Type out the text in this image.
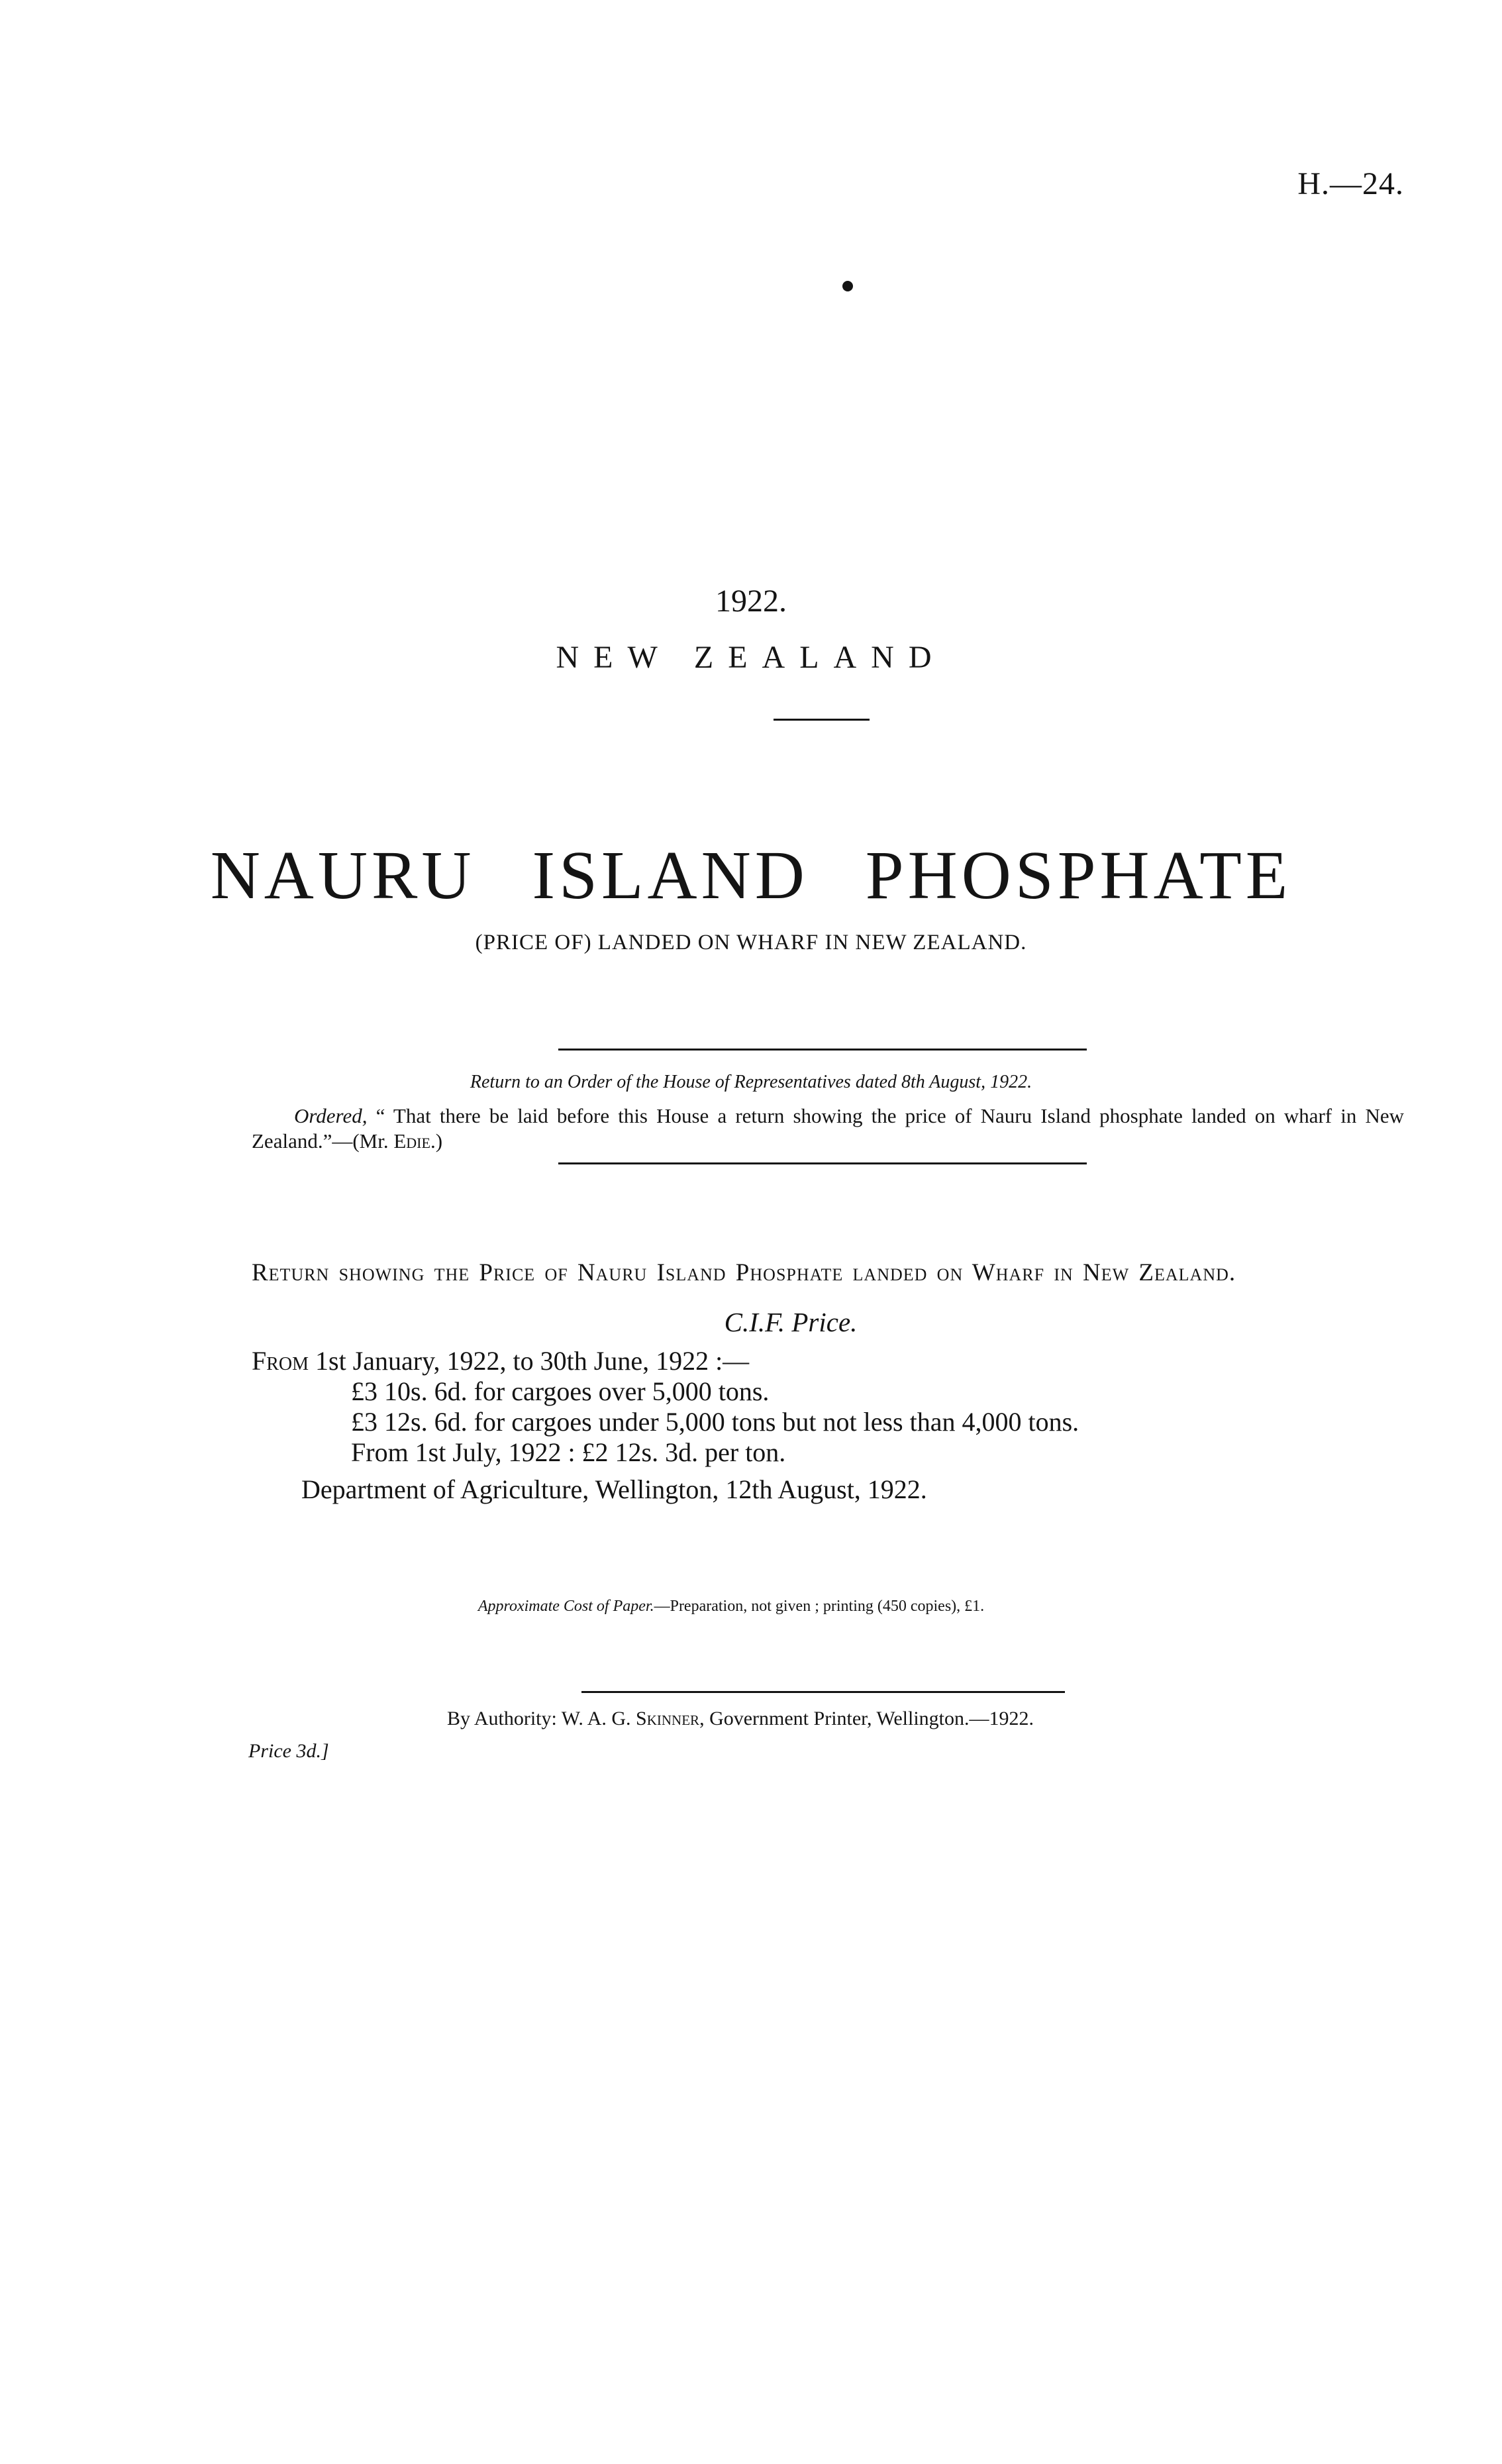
H.—24.
1922.
NEW ZEALAND
NAURU ISLAND PHOSPHATE
(PRICE OF) LANDED ON WHARF IN NEW ZEALAND.
Return to an Order of the House of Representatives dated 8th August, 1922.
Ordered, “ That there be laid before this House a return showing the price of Nauru Island phosphate landed on wharf in New Zealand.”—(Mr. Edie.)
Return showing the Price of Nauru Island Phosphate landed on Wharf in New Zealand.
C.I.F. Price.
From 1st January, 1922, to 30th June, 1922 :—
£3 10s. 6d. for cargoes over 5,000 tons.
£3 12s. 6d. for cargoes under 5,000 tons but not less than 4,000 tons.
From 1st July, 1922 : £2 12s. 3d. per ton.
Department of Agriculture, Wellington, 12th August, 1922.
Approximate Cost of Paper.—Preparation, not given ; printing (450 copies), £1.
By Authority: W. A. G. Skinner, Government Printer, Wellington.—1922.
Price 3d.]
